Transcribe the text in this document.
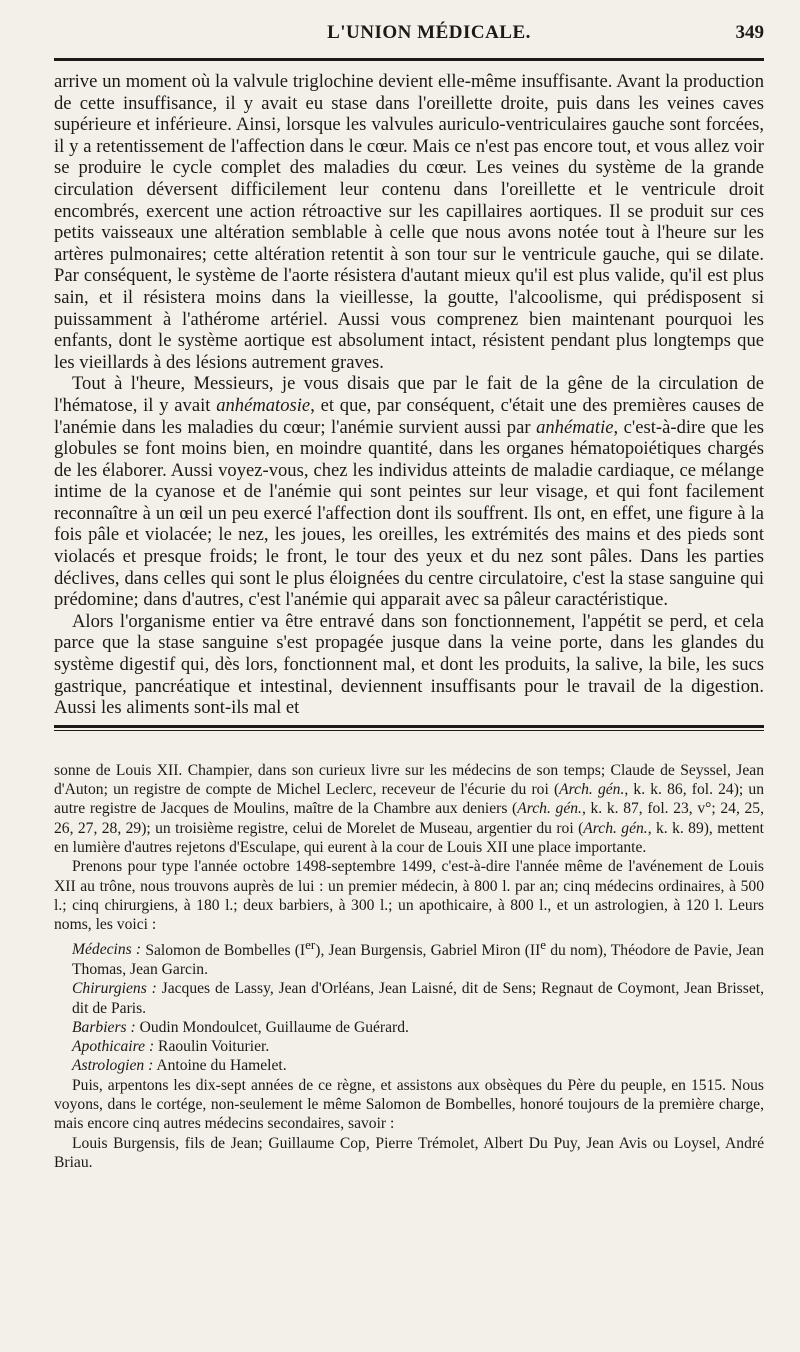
L'UNION MÉDICALE.	349

arrive un moment où la valvule triglochine devient elle-même insuffisante. Avant la production de cette insuffisance, il y avait eu stase dans l'oreillette droite, puis dans les veines caves supérieure et inférieure. Ainsi, lorsque les valvules auriculo-ventriculaires gauche sont forcées, il y a retentissement de l'affection dans le cœur. Mais ce n'est pas encore tout, et vous allez voir se produire le cycle complet des maladies du cœur. Les veines du système de la grande circulation déversent difficilement leur contenu dans l'oreillette et le ventricule droit encombrés, exercent une action rétroactive sur les capillaires aortiques. Il se produit sur ces petits vaisseaux une altération semblable à celle que nous avons notée tout à l'heure sur les artères pulmonaires; cette altération retentit à son tour sur le ventricule gauche, qui se dilate. Par conséquent, le système de l'aorte résistera d'autant mieux qu'il est plus valide, qu'il est plus sain, et il résistera moins dans la vieillesse, la goutte, l'alcoolisme, qui prédisposent si puissamment à l'athérome artériel. Aussi vous comprenez bien maintenant pourquoi les enfants, dont le système aortique est absolument intact, résistent pendant plus longtemps que les vieillards à des lésions autrement graves.

Tout à l'heure, Messieurs, je vous disais que par le fait de la gêne de la circulation de l'hématose, il y avait anhématosie, et que, par conséquent, c'était une des premières causes de l'anémie dans les maladies du cœur; l'anémie survient aussi par anhématie, c'est-à-dire que les globules se font moins bien, en moindre quantité, dans les organes hématopoiétiques chargés de les élaborer. Aussi voyez-vous, chez les individus atteints de maladie cardiaque, ce mélange intime de la cyanose et de l'anémie qui sont peintes sur leur visage, et qui font facilement reconnaître à un œil un peu exercé l'affection dont ils souffrent. Ils ont, en effet, une figure à la fois pâle et violacée; le nez, les joues, les oreilles, les extrémités des mains et des pieds sont violacés et presque froids; le front, le tour des yeux et du nez sont pâles. Dans les parties déclives, dans celles qui sont le plus éloignées du centre circulatoire, c'est la stase sanguine qui prédomine; dans d'autres, c'est l'anémie qui apparait avec sa pâleur caractéristique.

Alors l'organisme entier va être entravé dans son fonctionnement, l'appétit se perd, et cela parce que la stase sanguine s'est propagée jusque dans la veine porte, dans les glandes du système digestif qui, dès lors, fonctionnent mal, et dont les produits, la salive, la bile, les sucs gastrique, pancréatique et intestinal, deviennent insuffisants pour le travail de la digestion. Aussi les aliments sont-ils mal et

sonne de Louis XII. Champier, dans son curieux livre sur les médecins de son temps; Claude de Seyssel, Jean d'Auton; un registre de compte de Michel Leclerc, receveur de l'écurie du roi (Arch. gén., k. k. 86, fol. 24); un autre registre de Jacques de Moulins, maître de la Chambre aux deniers (Arch. gén., k. k. 87, fol. 23, v°; 24, 25, 26, 27, 28, 29); un troisième registre, celui de Morelet de Museau, argentier du roi (Arch. gén., k. k. 89), mettent en lumière d'autres rejetons d'Esculape, qui eurent à la cour de Louis XII une place importante.

Prenons pour type l'année octobre 1498-septembre 1499, c'est-à-dire l'année même de l'avénement de Louis XII au trône, nous trouvons auprès de lui : un premier médecin, à 800 l. par an; cinq médecins ordinaires, à 500 l.; cinq chirurgiens, à 180 l.; deux barbiers, à 300 l.; un apothicaire, à 800 l., et un astrologien, à 120 l. Leurs noms, les voici :

Médecins : Salomon de Bombelles (Ier), Jean Burgensis, Gabriel Miron (IIe du nom), Théodore de Pavie, Jean Thomas, Jean Garcin.

Chirurgiens : Jacques de Lassy, Jean d'Orléans, Jean Laisné, dit de Sens; Regnaut de Coymont, Jean Brisset, dit de Paris.

Barbiers : Oudin Mondoulcet, Guillaume de Guérard.

Apothicaire : Raoulin Voiturier.

Astrologien : Antoine du Hamelet.

Puis, arpentons les dix-sept années de ce règne, et assistons aux obsèques du Père du peuple, en 1515. Nous voyons, dans le cortége, non-seulement le même Salomon de Bombelles, honoré toujours de la première charge, mais encore cinq autres médecins secondaires, savoir :

Louis Burgensis, fils de Jean; Guillaume Cop, Pierre Trémolet, Albert Du Puy, Jean Avis ou Loysel, André Briau.
